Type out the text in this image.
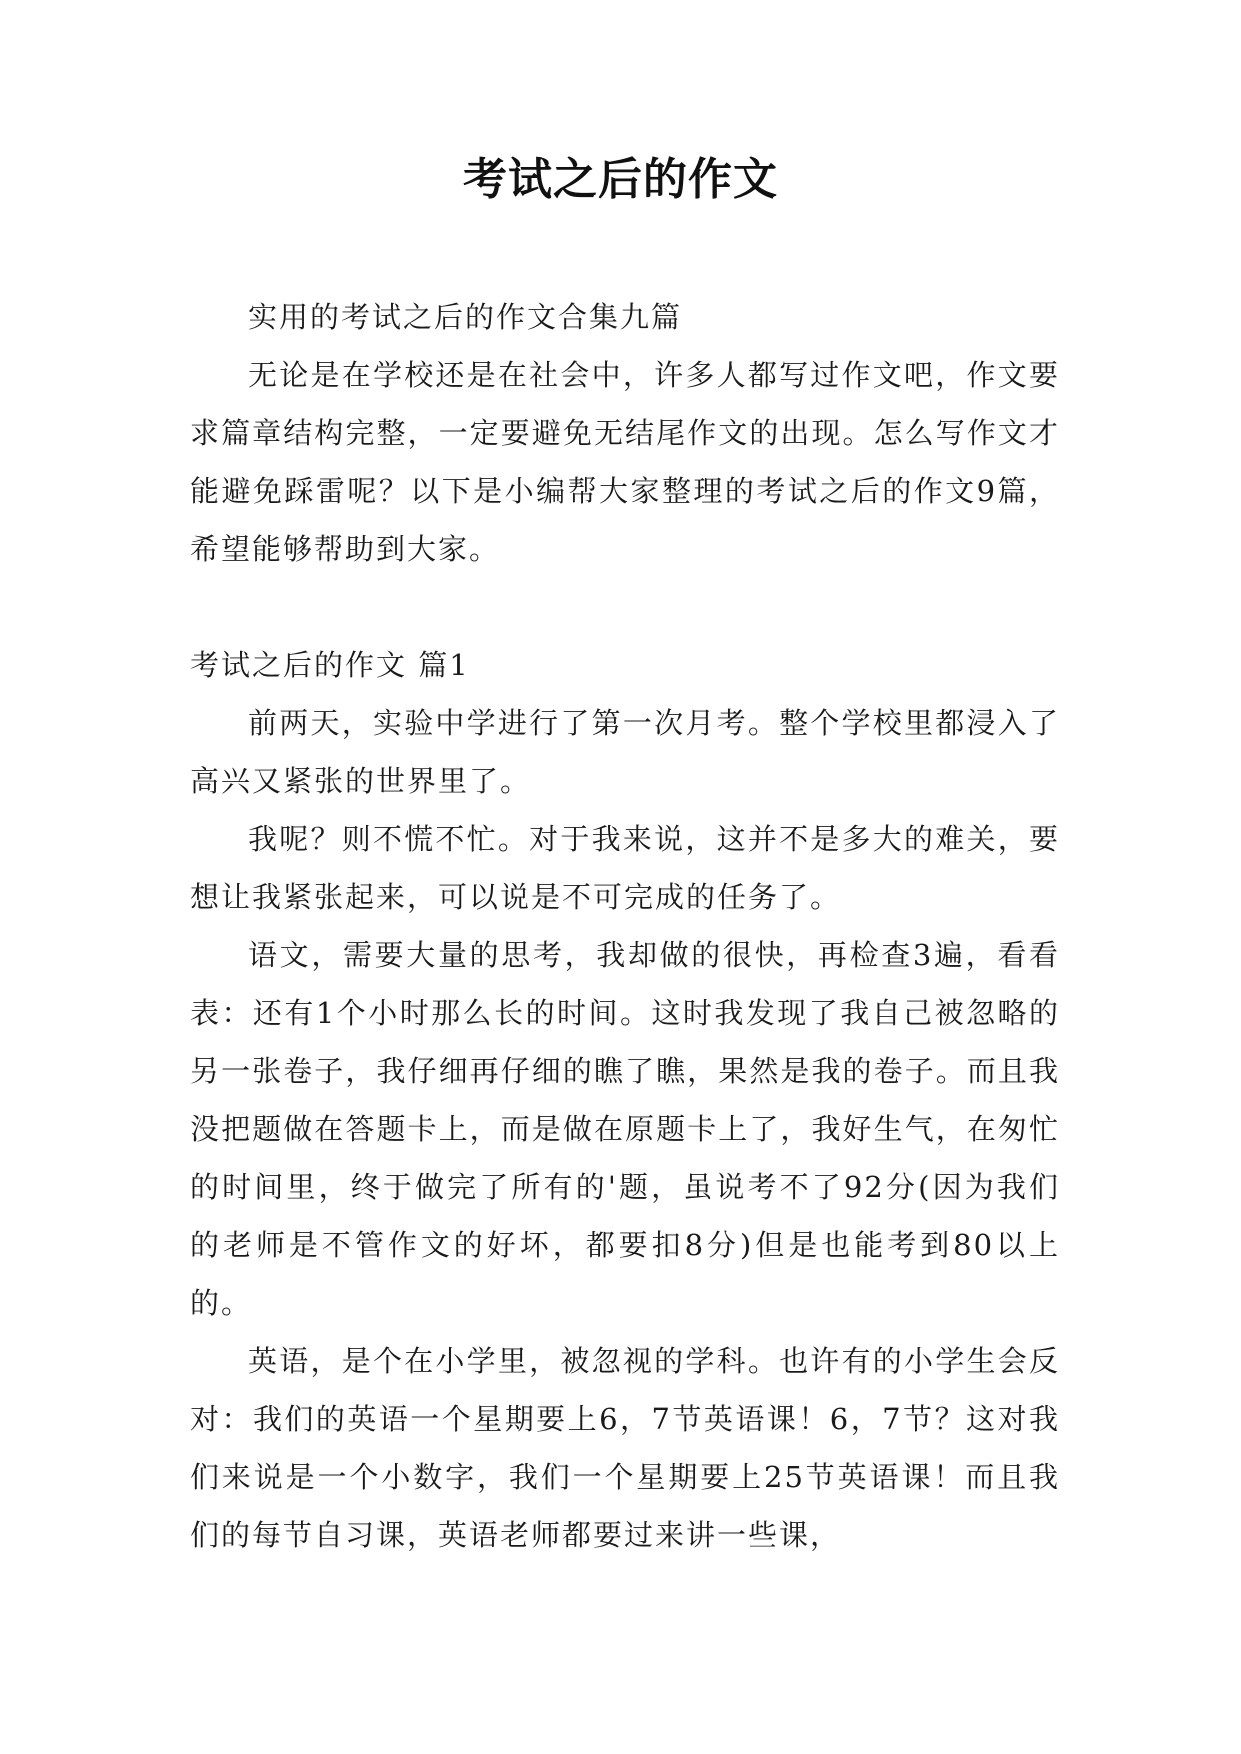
考试之后的作文

实用的考试之后的作文合集九篇

无论是在学校还是在社会中，许多人都写过作文吧，作文要求篇章结构完整，一定要避免无结尾作文的出现。怎么写作文才能避免踩雷呢？以下是小编帮大家整理的考试之后的作文9篇，希望能够帮助到大家。

考试之后的作文 篇1

前两天，实验中学进行了第一次月考。整个学校里都浸入了高兴又紧张的世界里了。

我呢？则不慌不忙。对于我来说，这并不是多大的难关，要想让我紧张起来，可以说是不可完成的任务了。

语文，需要大量的思考，我却做的很快，再检查3遍，看看表：还有1个小时那么长的时间。这时我发现了我自己被忽略的另一张卷子，我仔细再仔细的瞧了瞧，果然是我的卷子。而且我没把题做在答题卡上，而是做在原题卡上了，我好生气，在匆忙的时间里，终于做完了所有的'题，虽说考不了92分(因为我们的老师是不管作文的好坏，都要扣8分)但是也能考到80以上的。

英语，是个在小学里，被忽视的学科。也许有的小学生会反对：我们的英语一个星期要上6，7节英语课！6，7节？这对我们来说是一个小数字，我们一个星期要上25节英语课！而且我们的每节自习课，英语老师都要过来讲一些课，
